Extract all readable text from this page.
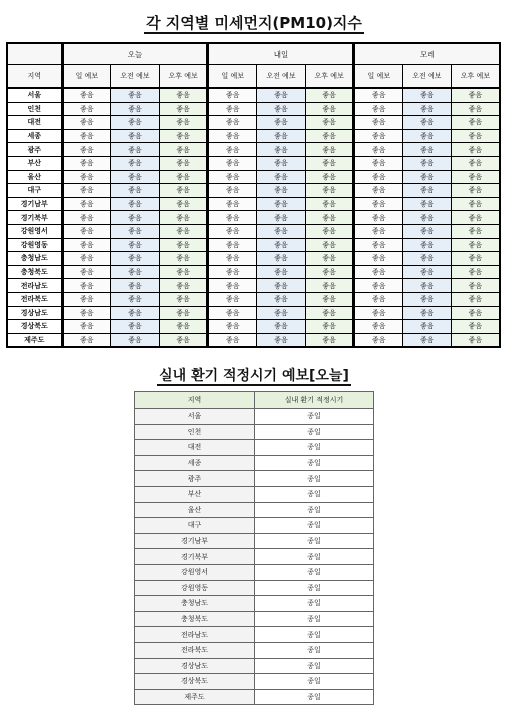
각 지역별 미세먼지(PM10)지수
	오늘			내일			모레		
지역	일 예보	오전 예보	오후 예보	일 예보	오전 예보	오후 예보	일 예보	오전 예보	오후 예보
서울	좋음	좋음	좋음	좋음	좋음	좋음	좋음	좋음	좋음
인천	좋음	좋음	좋음	좋음	좋음	좋음	좋음	좋음	좋음
대전	좋음	좋음	좋음	좋음	좋음	좋음	좋음	좋음	좋음
세종	좋음	좋음	좋음	좋음	좋음	좋음	좋음	좋음	좋음
광주	좋음	좋음	좋음	좋음	좋음	좋음	좋음	좋음	좋음
부산	좋음	좋음	좋음	좋음	좋음	좋음	좋음	좋음	좋음
울산	좋음	좋음	좋음	좋음	좋음	좋음	좋음	좋음	좋음
대구	좋음	좋음	좋음	좋음	좋음	좋음	좋음	좋음	좋음
경기남부	좋음	좋음	좋음	좋음	좋음	좋음	좋음	좋음	좋음
경기북부	좋음	좋음	좋음	좋음	좋음	좋음	좋음	좋음	좋음
강원영서	좋음	좋음	좋음	좋음	좋음	좋음	좋음	좋음	좋음
강원영동	좋음	좋음	좋음	좋음	좋음	좋음	좋음	좋음	좋음
충청남도	좋음	좋음	좋음	좋음	좋음	좋음	좋음	좋음	좋음
충청북도	좋음	좋음	좋음	좋음	좋음	좋음	좋음	좋음	좋음
전라남도	좋음	좋음	좋음	좋음	좋음	좋음	좋음	좋음	좋음
전라북도	좋음	좋음	좋음	좋음	좋음	좋음	좋음	좋음	좋음
경상남도	좋음	좋음	좋음	좋음	좋음	좋음	좋음	좋음	좋음
경상북도	좋음	좋음	좋음	좋음	좋음	좋음	좋음	좋음	좋음
제주도	좋음	좋음	좋음	좋음	좋음	좋음	좋음	좋음	좋음
실내 환기 적정시기 예보[오늘]
지역	실내 환기 적정시기
서울	종일
인천	종일
대전	종일
세종	종일
광주	종일
부산	종일
울산	종일
대구	종일
경기남부	종일
경기북부	종일
강원영서	종일
강원영동	종일
충청남도	종일
충청북도	종일
전라남도	종일
전라북도	종일
경상남도	종일
경상북도	종일
제주도	종일
